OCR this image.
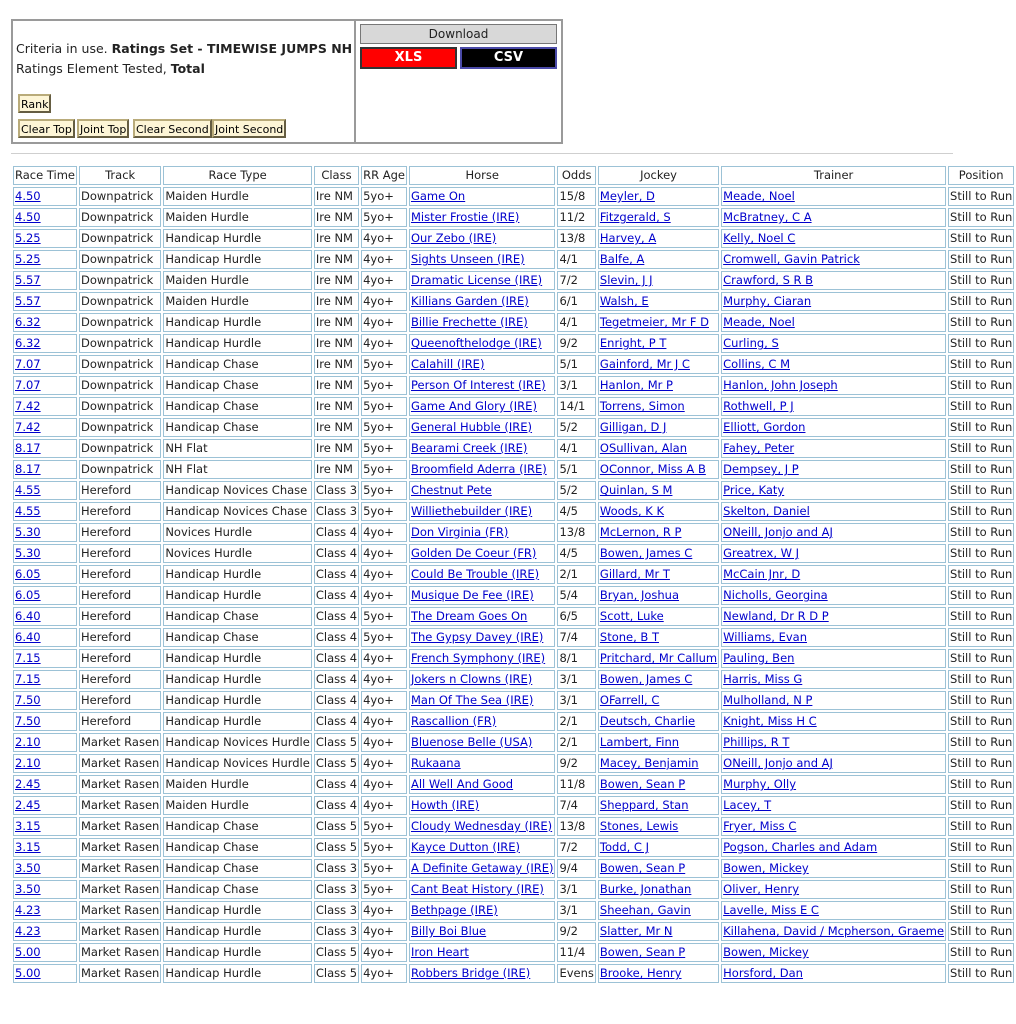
Criteria in use. Ratings Set - TIMEWISE JUMPS NH
Ratings Element Tested, Total
Rank
Clear Top Joint Top Clear Second Joint Second
Download
XLS	CSV
Race Time	Track	Race Type	Class	RR Age	Horse	Odds	Jockey	Trainer	Position
4.50	Downpatrick	Maiden Hurdle	Ire NM	5yo+	Game On	15/8	Meyler, D	Meade, Noel	Still to Run
4.50	Downpatrick	Maiden Hurdle	Ire NM	5yo+	Mister Frostie (IRE)	11/2	Fitzgerald, S	McBratney, C A	Still to Run
5.25	Downpatrick	Handicap Hurdle	Ire NM	4yo+	Our Zebo (IRE)	13/8	Harvey, A	Kelly, Noel C	Still to Run
5.25	Downpatrick	Handicap Hurdle	Ire NM	4yo+	Sights Unseen (IRE)	4/1	Balfe, A	Cromwell, Gavin Patrick	Still to Run
5.57	Downpatrick	Maiden Hurdle	Ire NM	4yo+	Dramatic License (IRE)	7/2	Slevin, J J	Crawford, S R B	Still to Run
5.57	Downpatrick	Maiden Hurdle	Ire NM	4yo+	Killians Garden (IRE)	6/1	Walsh, E	Murphy, Ciaran	Still to Run
6.32	Downpatrick	Handicap Hurdle	Ire NM	4yo+	Billie Frechette (IRE)	4/1	Tegetmeier, Mr F D	Meade, Noel	Still to Run
6.32	Downpatrick	Handicap Hurdle	Ire NM	4yo+	Queenofthelodge (IRE)	9/2	Enright, P T	Curling, S	Still to Run
7.07	Downpatrick	Handicap Chase	Ire NM	5yo+	Calahill (IRE)	5/1	Gainford, Mr J C	Collins, C M	Still to Run
7.07	Downpatrick	Handicap Chase	Ire NM	5yo+	Person Of Interest (IRE)	3/1	Hanlon, Mr P	Hanlon, John Joseph	Still to Run
7.42	Downpatrick	Handicap Chase	Ire NM	5yo+	Game And Glory (IRE)	14/1	Torrens, Simon	Rothwell, P J	Still to Run
7.42	Downpatrick	Handicap Chase	Ire NM	5yo+	General Hubble (IRE)	5/2	Gilligan, D J	Elliott, Gordon	Still to Run
8.17	Downpatrick	NH Flat	Ire NM	5yo+	Bearami Creek (IRE)	4/1	OSullivan, Alan	Fahey, Peter	Still to Run
8.17	Downpatrick	NH Flat	Ire NM	5yo+	Broomfield Aderra (IRE)	5/1	OConnor, Miss A B	Dempsey, J P	Still to Run
4.55	Hereford	Handicap Novices Chase	Class 3	5yo+	Chestnut Pete	5/2	Quinlan, S M	Price, Katy	Still to Run
4.55	Hereford	Handicap Novices Chase	Class 3	5yo+	Williethebuilder (IRE)	4/5	Woods, K K	Skelton, Daniel	Still to Run
5.30	Hereford	Novices Hurdle	Class 4	4yo+	Don Virginia (FR)	13/8	McLernon, R P	ONeill, Jonjo and AJ	Still to Run
5.30	Hereford	Novices Hurdle	Class 4	4yo+	Golden De Coeur (FR)	4/5	Bowen, James C	Greatrex, W J	Still to Run
6.05	Hereford	Handicap Hurdle	Class 4	4yo+	Could Be Trouble (IRE)	2/1	Gillard, Mr T	McCain Jnr, D	Still to Run
6.05	Hereford	Handicap Hurdle	Class 4	4yo+	Musique De Fee (IRE)	5/4	Bryan, Joshua	Nicholls, Georgina	Still to Run
6.40	Hereford	Handicap Chase	Class 4	5yo+	The Dream Goes On	6/5	Scott, Luke	Newland, Dr R D P	Still to Run
6.40	Hereford	Handicap Chase	Class 4	5yo+	The Gypsy Davey (IRE)	7/4	Stone, B T	Williams, Evan	Still to Run
7.15	Hereford	Handicap Hurdle	Class 4	4yo+	French Symphony (IRE)	8/1	Pritchard, Mr Callum	Pauling, Ben	Still to Run
7.15	Hereford	Handicap Hurdle	Class 4	4yo+	Jokers n Clowns (IRE)	3/1	Bowen, James C	Harris, Miss G	Still to Run
7.50	Hereford	Handicap Hurdle	Class 4	4yo+	Man Of The Sea (IRE)	3/1	OFarrell, C	Mulholland, N P	Still to Run
7.50	Hereford	Handicap Hurdle	Class 4	4yo+	Rascallion (FR)	2/1	Deutsch, Charlie	Knight, Miss H C	Still to Run
2.10	Market Rasen	Handicap Novices Hurdle	Class 5	4yo+	Bluenose Belle (USA)	2/1	Lambert, Finn	Phillips, R T	Still to Run
2.10	Market Rasen	Handicap Novices Hurdle	Class 5	4yo+	Rukaana	9/2	Macey, Benjamin	ONeill, Jonjo and AJ	Still to Run
2.45	Market Rasen	Maiden Hurdle	Class 4	4yo+	All Well And Good	11/8	Bowen, Sean P	Murphy, Olly	Still to Run
2.45	Market Rasen	Maiden Hurdle	Class 4	4yo+	Howth (IRE)	7/4	Sheppard, Stan	Lacey, T	Still to Run
3.15	Market Rasen	Handicap Chase	Class 5	5yo+	Cloudy Wednesday (IRE)	13/8	Stones, Lewis	Fryer, Miss C	Still to Run
3.15	Market Rasen	Handicap Chase	Class 5	5yo+	Kayce Dutton (IRE)	7/2	Todd, C J	Pogson, Charles and Adam	Still to Run
3.50	Market Rasen	Handicap Chase	Class 3	5yo+	A Definite Getaway (IRE)	9/4	Bowen, Sean P	Bowen, Mickey	Still to Run
3.50	Market Rasen	Handicap Chase	Class 3	5yo+	Cant Beat History (IRE)	3/1	Burke, Jonathan	Oliver, Henry	Still to Run
4.23	Market Rasen	Handicap Hurdle	Class 3	4yo+	Bethpage (IRE)	3/1	Sheehan, Gavin	Lavelle, Miss E C	Still to Run
4.23	Market Rasen	Handicap Hurdle	Class 3	4yo+	Billy Boi Blue	9/2	Slatter, Mr N	Killahena, David / Mcpherson, Graeme	Still to Run
5.00	Market Rasen	Handicap Hurdle	Class 5	4yo+	Iron Heart	11/4	Bowen, Sean P	Bowen, Mickey	Still to Run
5.00	Market Rasen	Handicap Hurdle	Class 5	4yo+	Robbers Bridge (IRE)	Evens	Brooke, Henry	Horsford, Dan	Still to Run
